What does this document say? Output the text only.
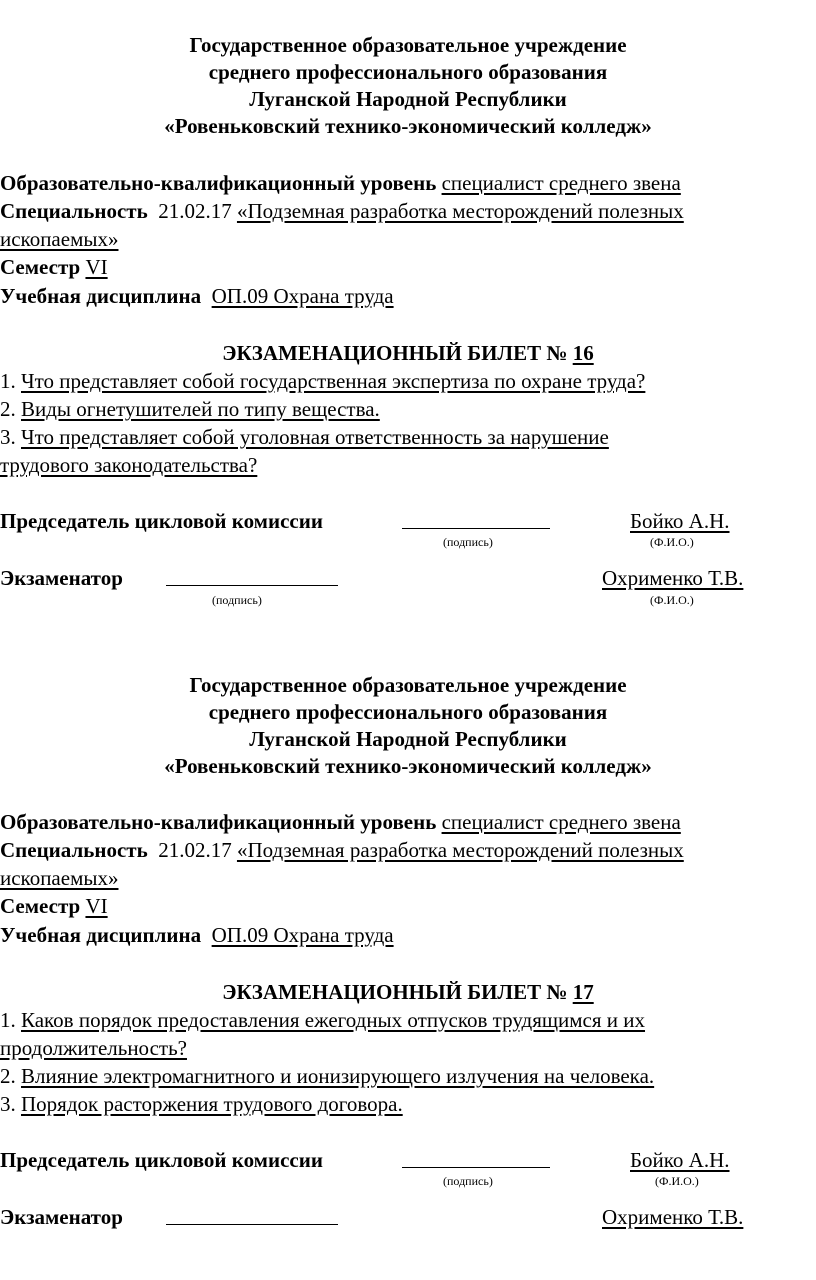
Государственное образовательное учреждение
среднего профессионального образования
Луганской Народной Республики
«Ровеньковский технико-экономический колледж»
Образовательно-квалификационный уровень специалист среднего звена
Специальность 21.02.17 «Подземная разработка месторождений полезных
ископаемых»
Семестр VI
Учебная дисциплина ОП.09 Охрана труда
ЭКЗАМЕНАЦИОННЫЙ БИЛЕТ № 16
1. Что представляет собой государственная экспертиза по охране труда?
2. Виды огнетушителей по типу вещества.
3. Что представляет собой уголовная ответственность за нарушение
трудового законодательства?
Председатель цикловой комиссии	Бойко А.Н.
(подпись)	(Ф.И.О.)
Экзаменатор	Охрименко Т.В.
(подпись)	(Ф.И.О.)
Государственное образовательное учреждение
среднего профессионального образования
Луганской Народной Республики
«Ровеньковский технико-экономический колледж»
Образовательно-квалификационный уровень специалист среднего звена
Специальность 21.02.17 «Подземная разработка месторождений полезных
ископаемых»
Семестр VI
Учебная дисциплина ОП.09 Охрана труда
ЭКЗАМЕНАЦИОННЫЙ БИЛЕТ № 17
1. Каков порядок предоставления ежегодных отпусков трудящимся и их
продолжительность?
2. Влияние электромагнитного и ионизирующего излучения на человека.
3. Порядок расторжения трудового договора.
Председатель цикловой комиссии	Бойко А.Н.
(подпись)	(Ф.И.О.)
Экзаменатор	Охрименко Т.В.
